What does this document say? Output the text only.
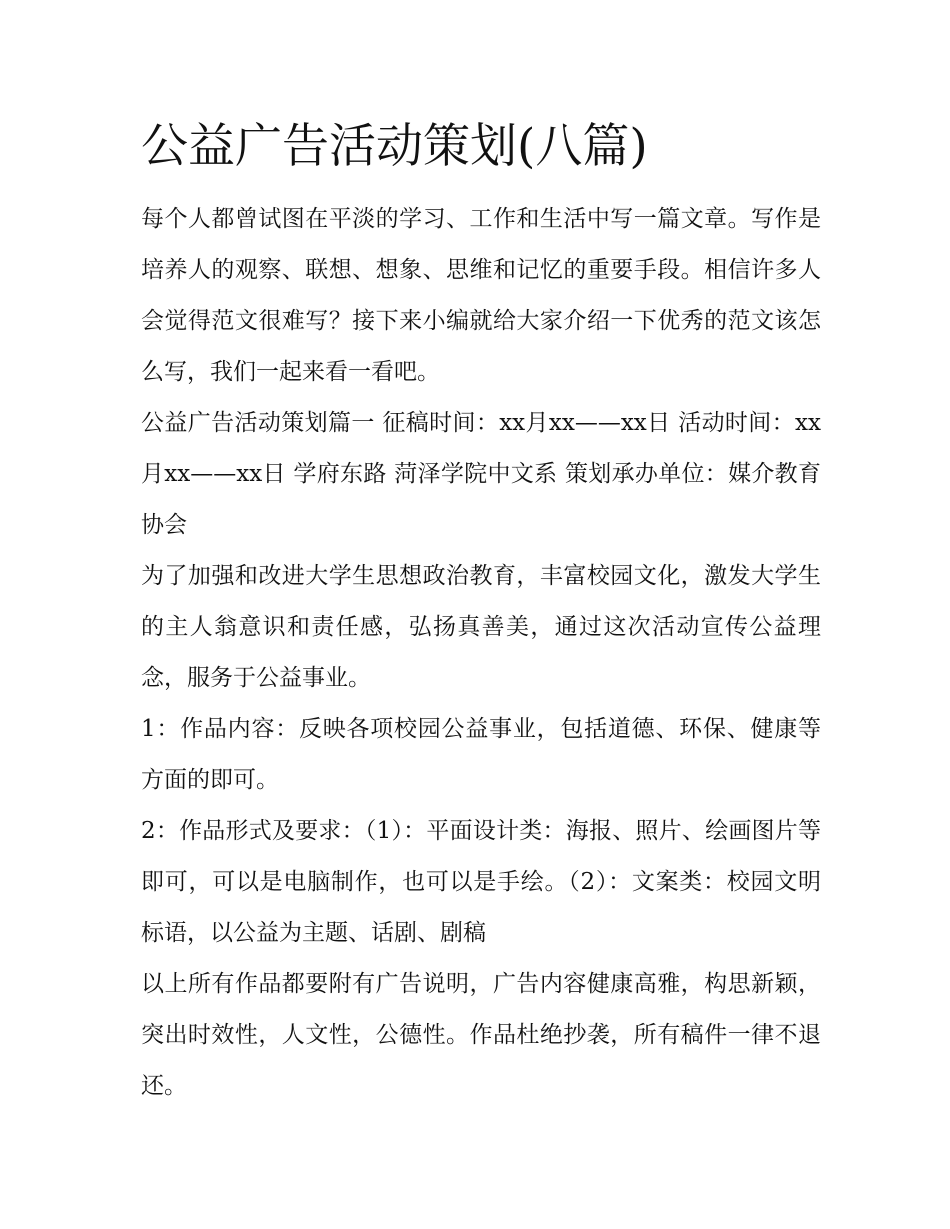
公益广告活动策划(八篇)

每个人都曾试图在平淡的学习、工作和生活中写一篇文章。写作是培养人的观察、联想、想象、思维和记忆的重要手段。相信许多人会觉得范文很难写？接下来小编就给大家介绍一下优秀的范文该怎么写，我们一起来看一看吧。

公益广告活动策划篇一 征稿时间：xx月xx——xx日 活动时间：xx月xx——xx日 学府东路 菏泽学院中文系 策划承办单位：媒介教育协会

为了加强和改进大学生思想政治教育，丰富校园文化，激发大学生的主人翁意识和责任感，弘扬真善美，通过这次活动宣传公益理念，服务于公益事业。

1：作品内容：反映各项校园公益事业，包括道德、环保、健康等方面的即可。

2：作品形式及要求：（1）：平面设计类：海报、照片、绘画图片等即可，可以是电脑制作，也可以是手绘。（2）：文案类：校园文明标语，以公益为主题、话剧、剧稿

以上所有作品都要附有广告说明，广告内容健康高雅，构思新颖，突出时效性，人文性，公德性。作品杜绝抄袭，所有稿件一律不退还。
